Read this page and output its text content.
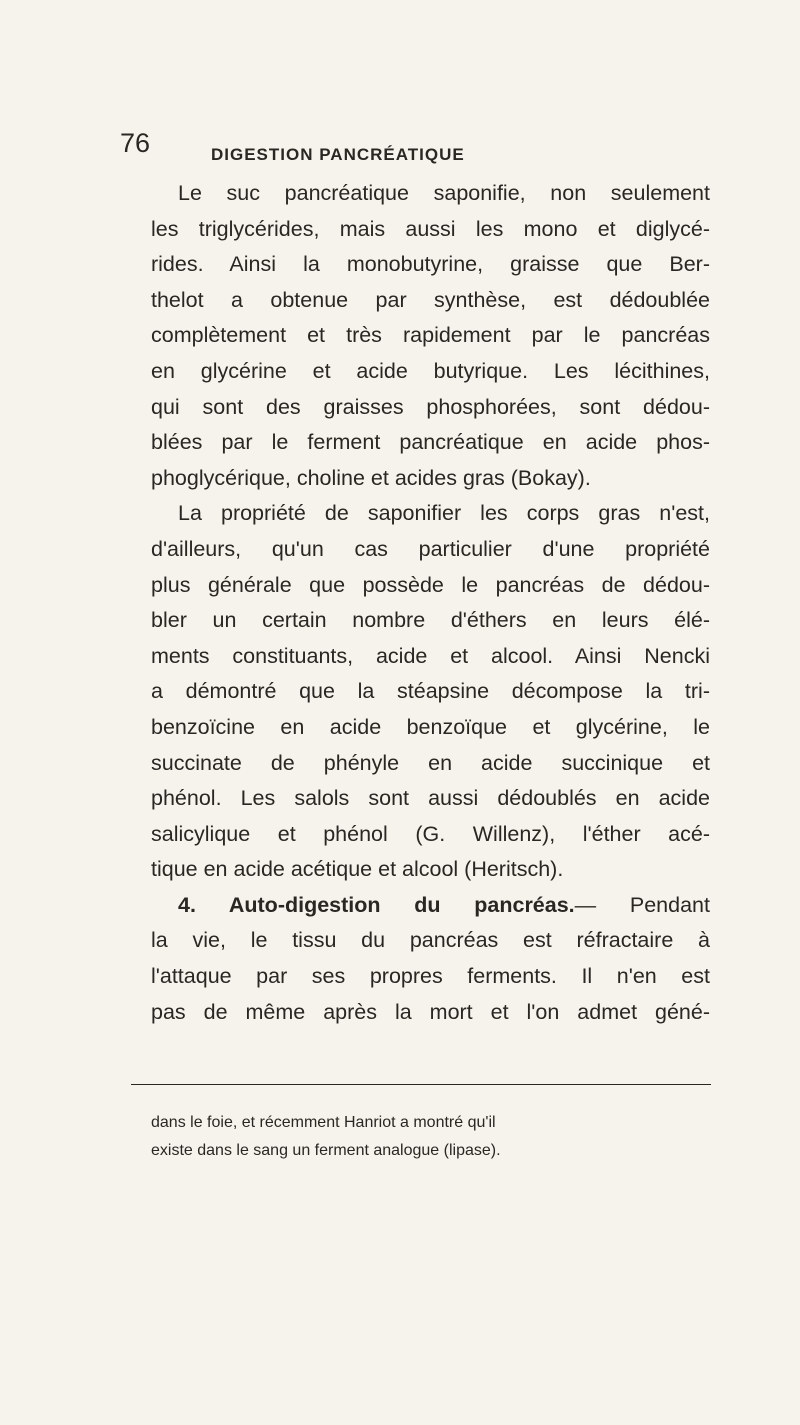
76	DIGESTION PANCRÉATIQUE
Le suc pancréatique saponifie, non seulement
les triglycérides, mais aussi les mono et diglycé-
rides. Ainsi la monobutyrine, graisse que Ber-
thelot a obtenue par synthèse, est dédoublée
complètement et très rapidement par le pancréas
en glycérine et acide butyrique. Les lécithines,
qui sont des graisses phosphorées, sont dédou-
blées par le ferment pancréatique en acide phos-
phoglycérique, choline et acides gras (Bokay).
La propriété de saponifier les corps gras n'est,
d'ailleurs, qu'un cas particulier d'une propriété
plus générale que possède le pancréas de dédou-
bler un certain nombre d'éthers en leurs élé-
ments constituants, acide et alcool. Ainsi Nencki
a démontré que la stéapsine décompose la tri-
benzoïcine en acide benzoïque et glycérine, le
succinate de phényle en acide succinique et
phénol. Les salols sont aussi dédoublés en acide
salicylique et phénol (G. Willenz), l'éther acé-
tique en acide acétique et alcool (Heritsch).
4. Auto-digestion du pancréas.— Pendant
la vie, le tissu du pancréas est réfractaire à
l'attaque par ses propres ferments. Il n'en est
pas de même après la mort et l'on admet géné-
dans le foie, et récemment Hanriot a montré qu'il
existe dans le sang un ferment analogue (lipase).
